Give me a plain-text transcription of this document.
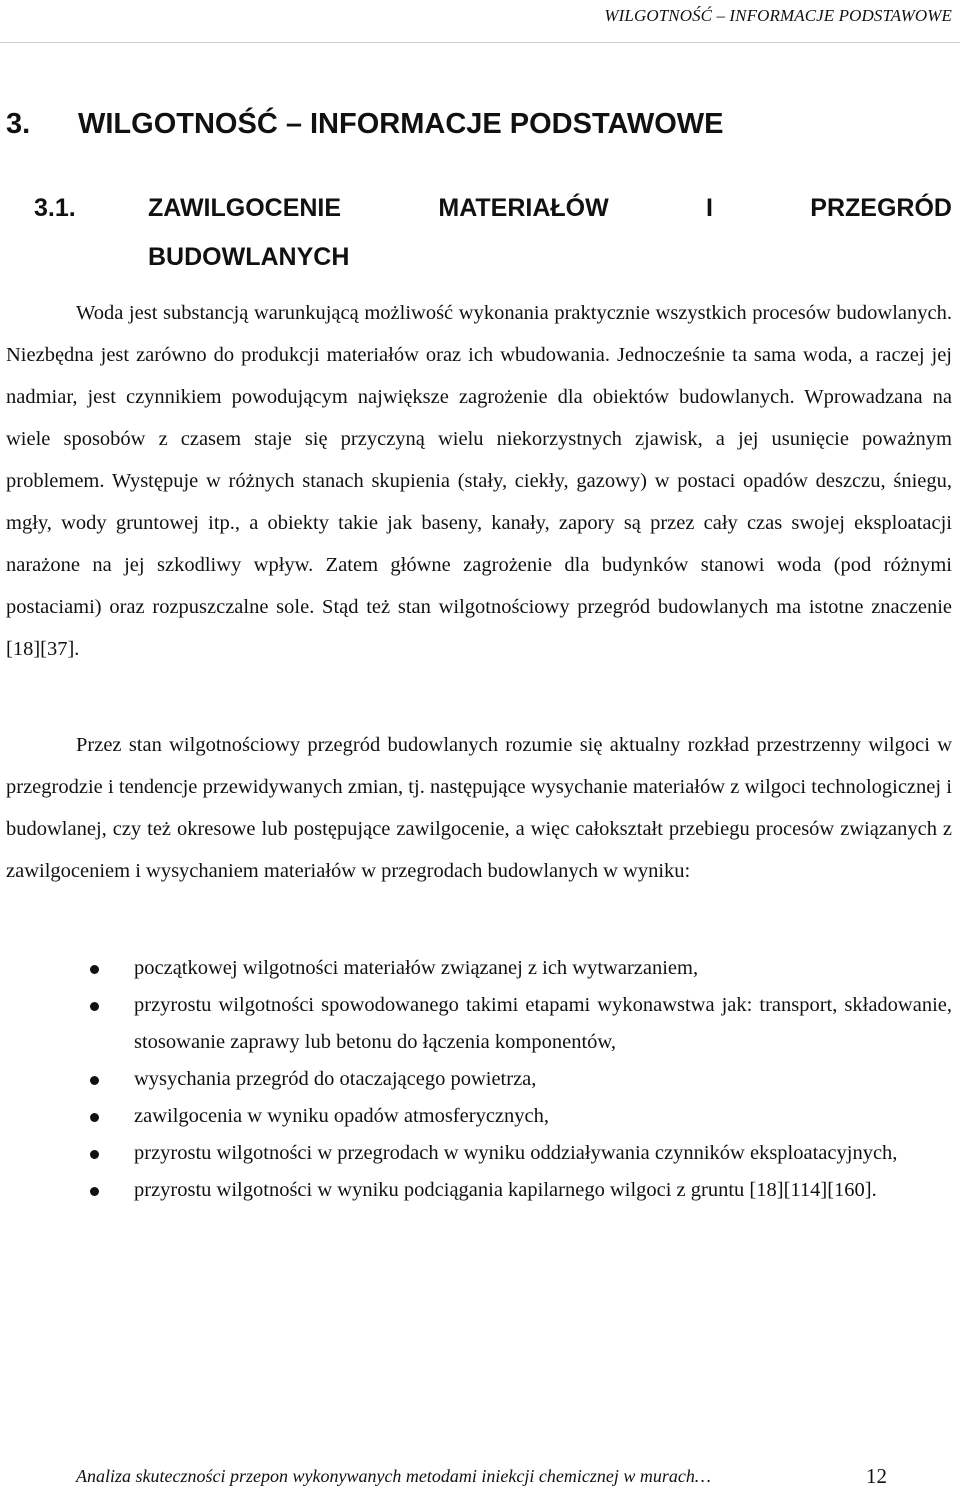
WILGOTNOŚĆ – INFORMACJE PODSTAWOWE
3. WILGOTNOŚĆ – INFORMACJE PODSTAWOWE
3.1.	ZAWILGOCENIE	MATERIAŁÓW	I	PRZEGRÓD
BUDOWLANYCH

Woda jest substancją warunkującą możliwość wykonania praktycznie wszystkich procesów budowlanych. Niezbędna jest zarówno do produkcji materiałów oraz ich wbudowania. Jednocześnie ta sama woda, a raczej jej nadmiar, jest czynnikiem powodującym największe zagrożenie dla obiektów budowlanych. Wprowadzana na wiele sposobów z czasem staje się przyczyną wielu niekorzystnych zjawisk, a jej usunięcie poważnym problemem. Występuje w różnych stanach skupienia (stały, ciekły, gazowy) w postaci opadów deszczu, śniegu, mgły, wody gruntowej itp., a obiekty takie jak baseny, kanały, zapory są przez cały czas swojej eksploatacji narażone na jej szkodliwy wpływ. Zatem główne zagrożenie dla budynków stanowi woda (pod różnymi postaciami) oraz rozpuszczalne sole. Stąd też stan wilgotnościowy przegród budowlanych ma istotne znaczenie [18][37].

Przez stan wilgotnościowy przegród budowlanych rozumie się aktualny rozkład przestrzenny wilgoci w przegrodzie i tendencje przewidywanych zmian, tj. następujące wysychanie materiałów z wilgoci technologicznej i budowlanej, czy też okresowe lub postępujące zawilgocenie, a więc całokształt przebiegu procesów związanych z zawilgoceniem i wysychaniem materiałów w przegrodach budowlanych w wyniku:

początkowej wilgotności materiałów związanej z ich wytwarzaniem,
przyrostu wilgotności spowodowanego takimi etapami wykonawstwa jak: transport, składowanie, stosowanie zaprawy lub betonu do łączenia komponentów,
wysychania przegród do otaczającego powietrza,
zawilgocenia w wyniku opadów atmosferycznych,
przyrostu wilgotności w przegrodach w wyniku oddziaływania czynników eksploatacyjnych,
przyrostu wilgotności w wyniku podciągania kapilarnego wilgoci z gruntu [18][114][160].
Analiza skuteczności przepon wykonywanych metodami iniekcji chemicznej w murach…	12
